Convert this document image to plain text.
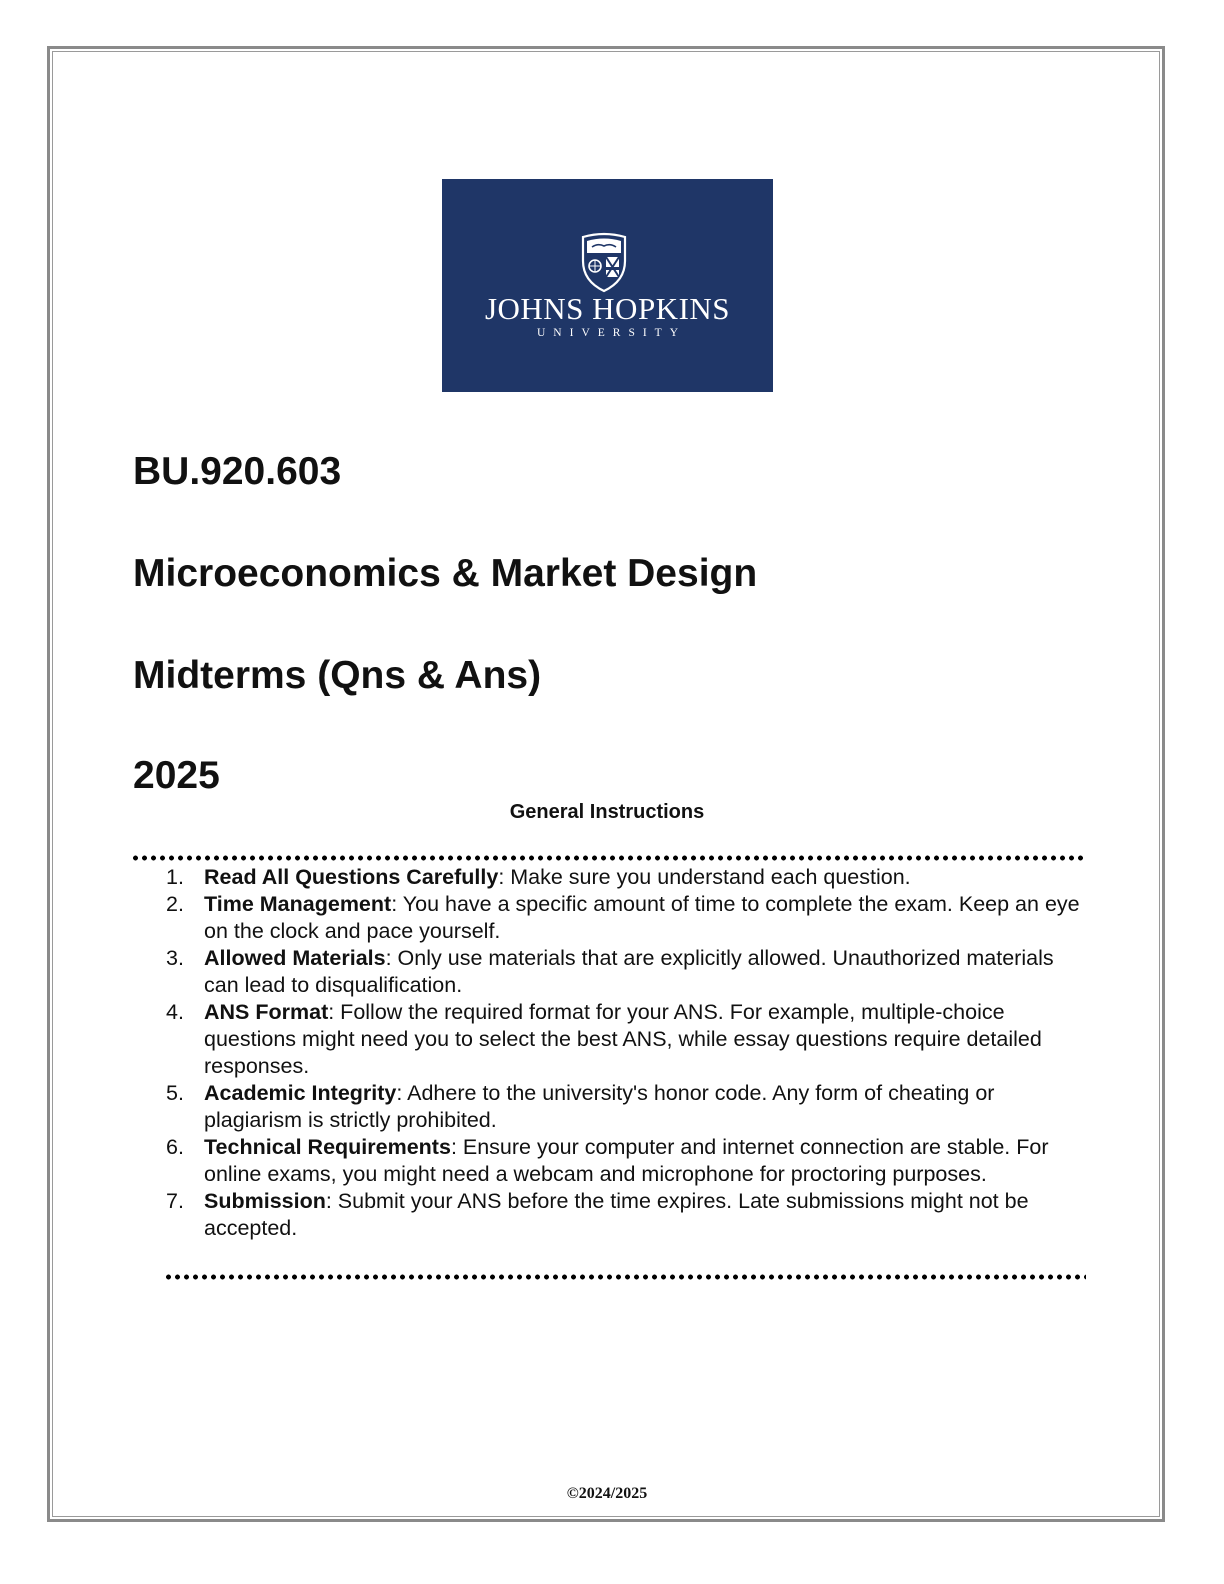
JOHNS HOPKINS
UNIVERSITY
BU.920.603
Microeconomics & Market Design
Midterms (Qns & Ans)
2025
General Instructions
1. Read All Questions Carefully: Make sure you understand each question.
2. Time Management: You have a specific amount of time to complete the exam. Keep an eye on the clock and pace yourself.
3. Allowed Materials: Only use materials that are explicitly allowed. Unauthorized materials can lead to disqualification.
4. ANS Format: Follow the required format for your ANS. For example, multiple-choice questions might need you to select the best ANS, while essay questions require detailed responses.
5. Academic Integrity: Adhere to the university's honor code. Any form of cheating or plagiarism is strictly prohibited.
6. Technical Requirements: Ensure your computer and internet connection are stable. For online exams, you might need a webcam and microphone for proctoring purposes.
7. Submission: Submit your ANS before the time expires. Late submissions might not be accepted.
©2024/2025
